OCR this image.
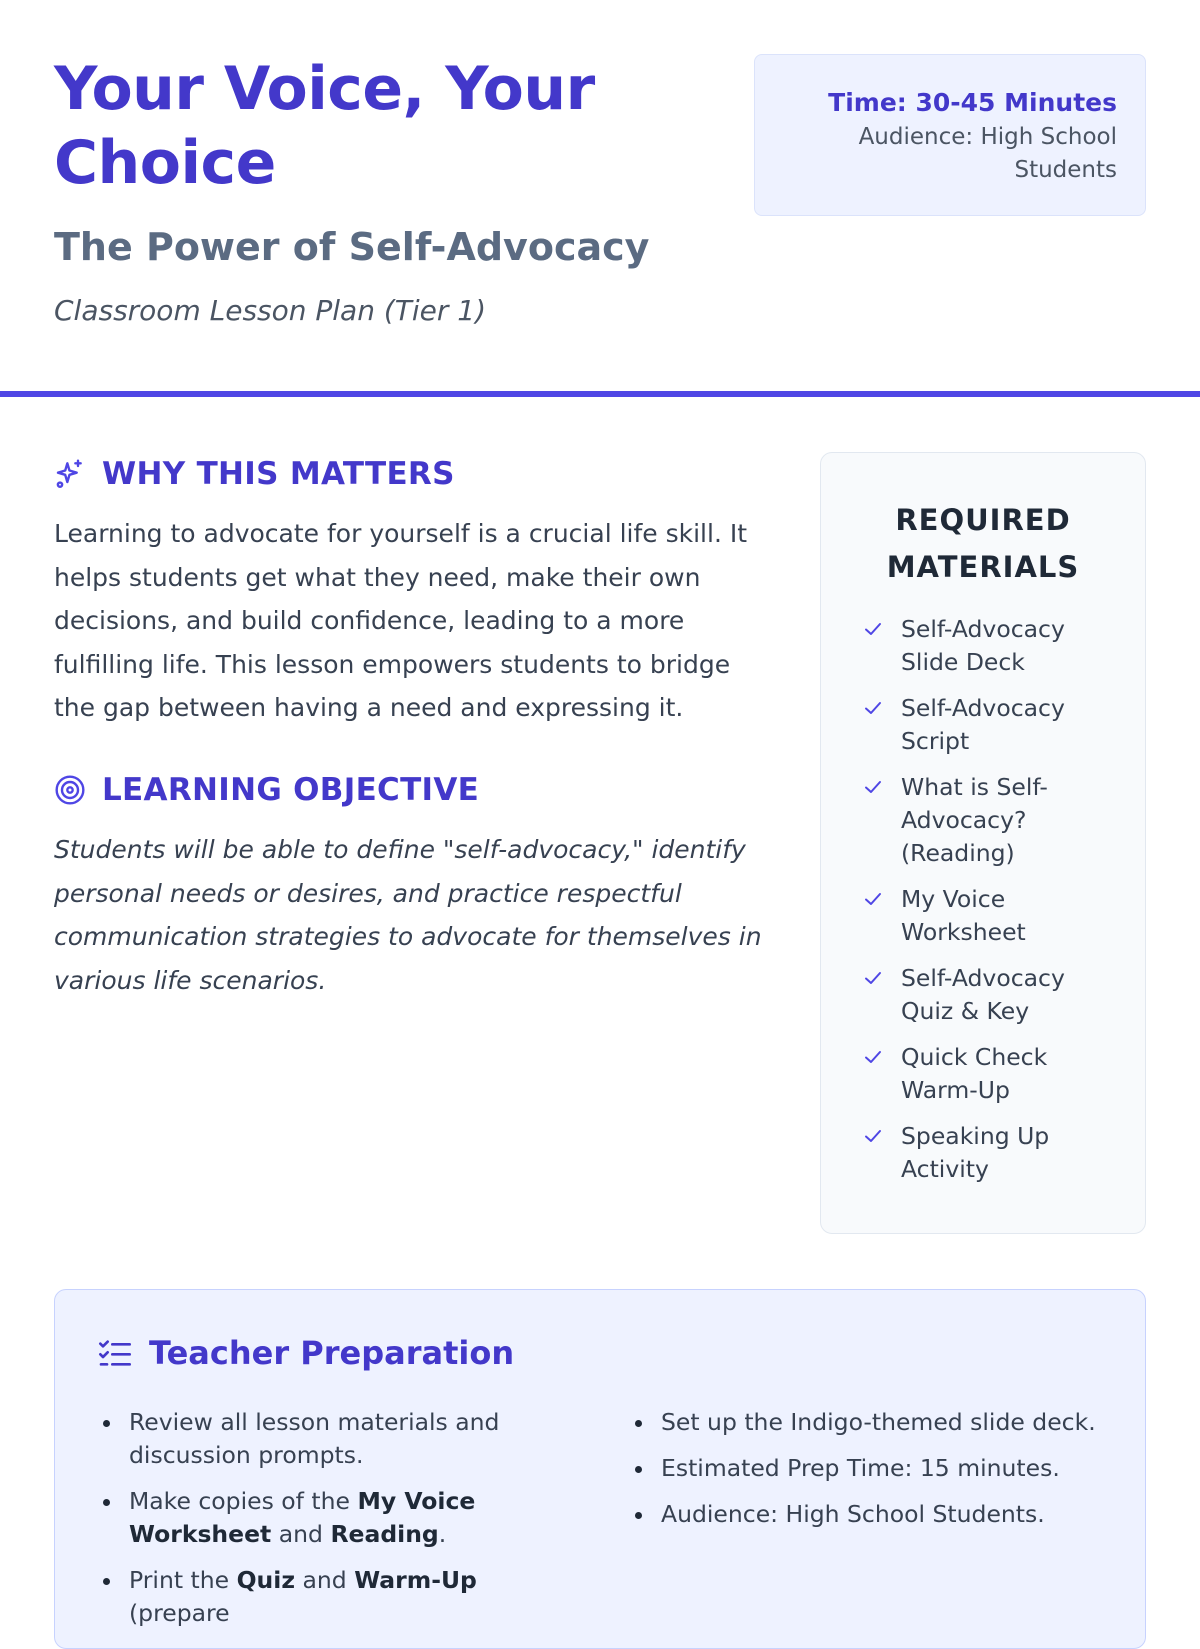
Your Voice, Your Choice
The Power of Self-Advocacy
Classroom Lesson Plan (Tier 1)
Time: 30-45 Minutes
Audience: High School Students
WHY THIS MATTERS

Learning to advocate for yourself is a crucial life skill. It helps students get what they need, make their own decisions, and build confidence, leading to a more fulfilling life. This lesson empowers students to bridge the gap between having a need and expressing it.

LEARNING OBJECTIVE

Students will be able to define "self-advocacy," identify personal needs or desires, and practice respectful communication strategies to advocate for themselves in various life scenarios.

REQUIRED MATERIALS
Self-Advocacy Slide Deck
Self-Advocacy Script
What is Self-Advocacy? (Reading)
My Voice Worksheet
Self-Advocacy Quiz & Key
Quick Check Warm-Up
Speaking Up Activity
Teacher Preparation
Review all lesson materials and discussion prompts.
Make copies of the My Voice Worksheet and Reading.
Print the Quiz and Warm-Up (prepare
Set up the Indigo-themed slide deck.
Estimated Prep Time: 15 minutes.
Audience: High School Students.
